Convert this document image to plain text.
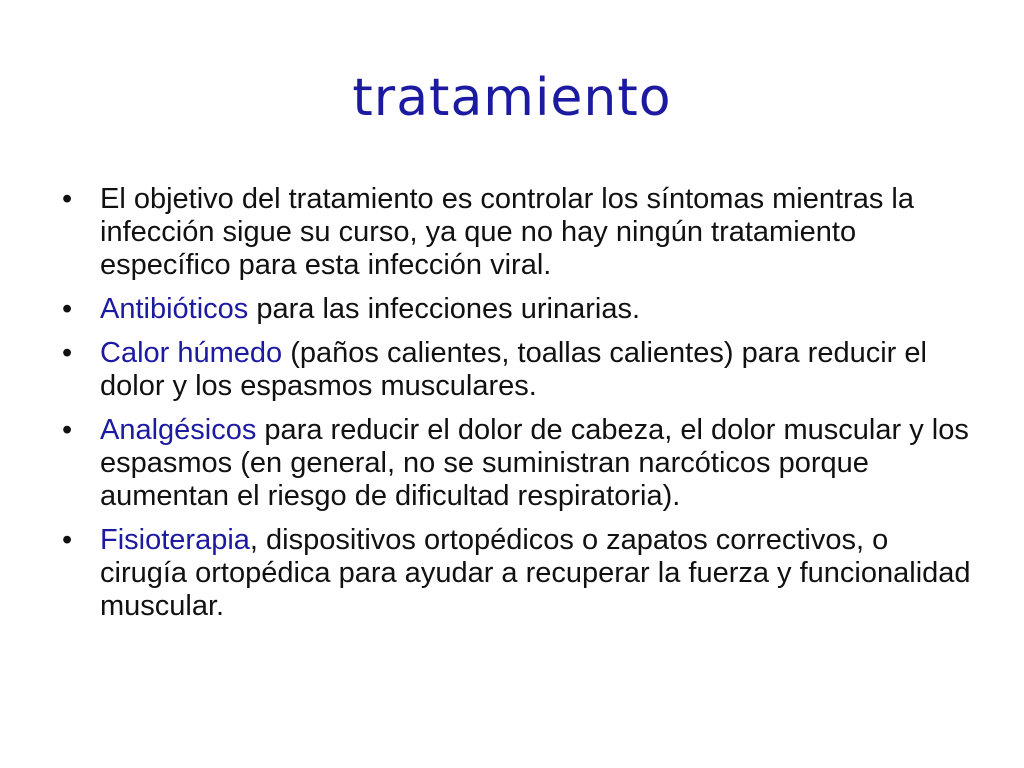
tratamiento
• El objetivo del tratamiento es controlar los síntomas mientras la infección sigue su curso, ya que no hay ningún tratamiento específico para esta infección viral.
• Antibióticos para las infecciones urinarias.
• Calor húmedo (paños calientes, toallas calientes) para reducir el dolor y los espasmos musculares.
• Analgésicos para reducir el dolor de cabeza, el dolor muscular y los espasmos (en general, no se suministran narcóticos porque aumentan el riesgo de dificultad respiratoria).
• Fisioterapia, dispositivos ortopédicos o zapatos correctivos, o cirugía ortopédica para ayudar a recuperar la fuerza y funcionalidad muscular.
